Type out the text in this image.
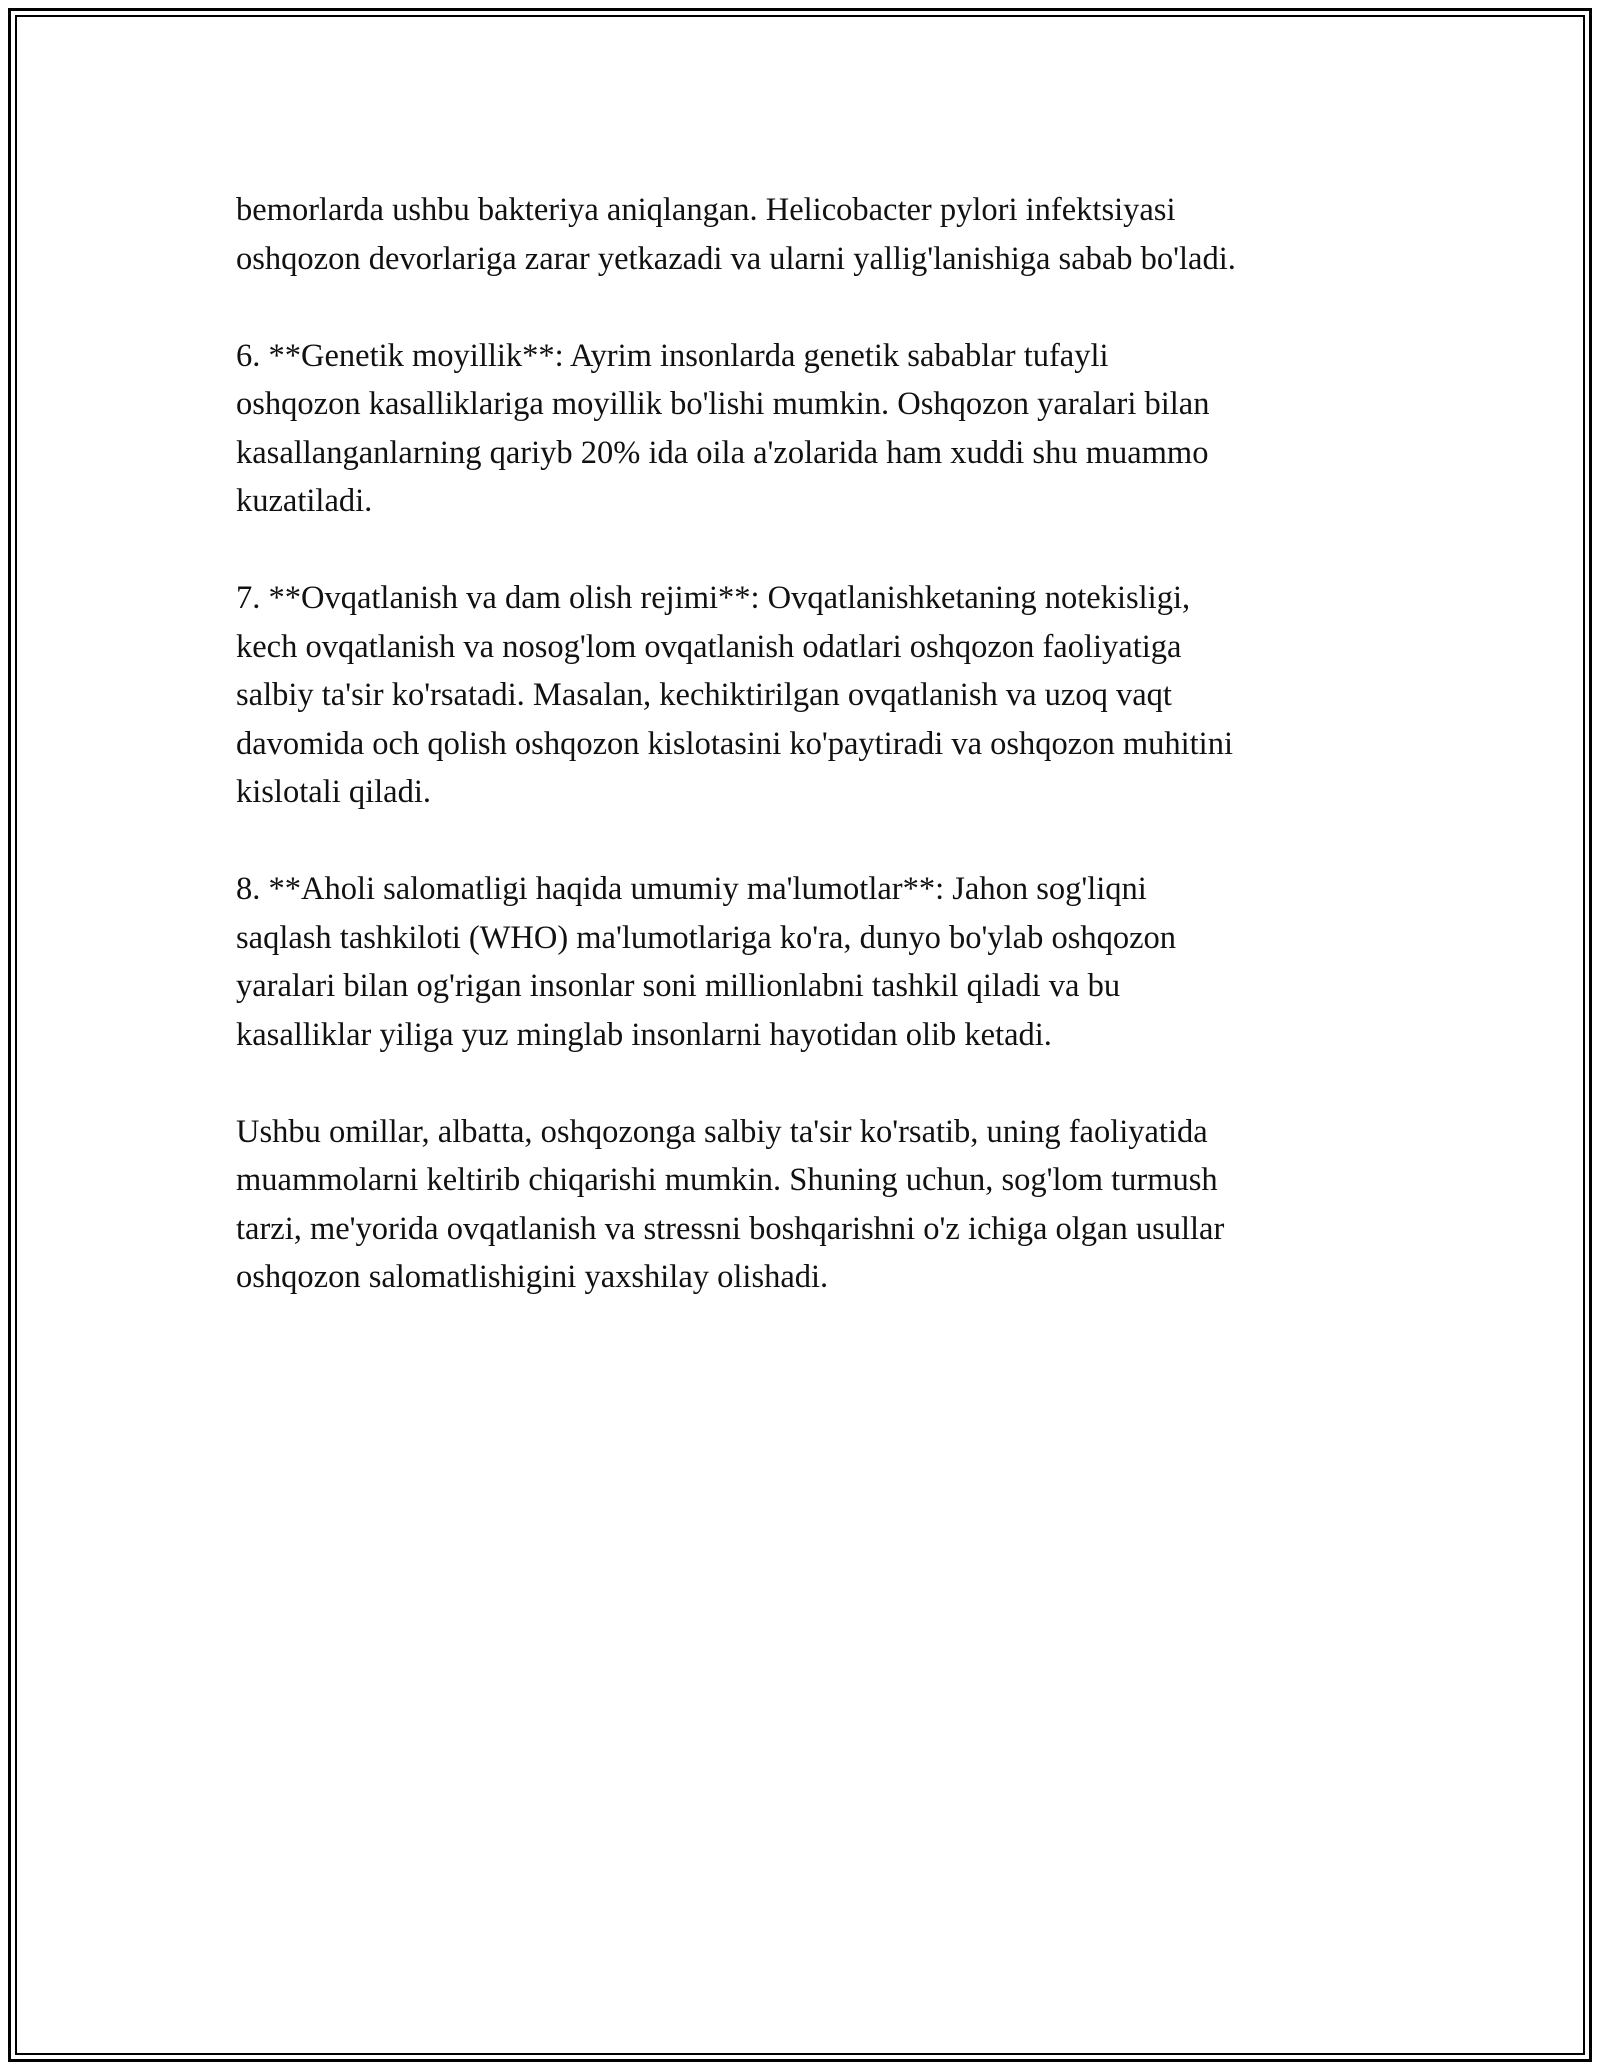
bemorlarda ushbu bakteriya aniqlangan. Helicobacter pylori infektsiyasi
oshqozon devorlariga zarar yetkazadi va ularni yallig'lanishiga sabab bo'ladi.

6. **Genetik moyillik**: Ayrim insonlarda genetik sabablar tufayli
oshqozon kasalliklariga moyillik bo'lishi mumkin. Oshqozon yaralari bilan
kasallanganlarning qariyb 20% ida oila a'zolarida ham xuddi shu muammo
kuzatiladi.

7. **Ovqatlanish va dam olish rejimi**: Ovqatlanishketaning notekisligi,
kech ovqatlanish va nosog'lom ovqatlanish odatlari oshqozon faoliyatiga
salbiy ta'sir ko'rsatadi. Masalan, kechiktirilgan ovqatlanish va uzoq vaqt
davomida och qolish oshqozon kislotasini ko'paytiradi va oshqozon muhitini
kislotali qiladi.

8. **Aholi salomatligi haqida umumiy ma'lumotlar**: Jahon sog'liqni
saqlash tashkiloti (WHO) ma'lumotlariga ko'ra, dunyo bo'ylab oshqozon
yaralari bilan og'rigan insonlar soni millionlabni tashkil qiladi va bu
kasalliklar yiliga yuz minglab insonlarni hayotidan olib ketadi.

Ushbu omillar, albatta, oshqozonga salbiy ta'sir ko'rsatib, uning faoliyatida
muammolarni keltirib chiqarishi mumkin. Shuning uchun, sog'lom turmush
tarzi, me'yorida ovqatlanish va stressni boshqarishni o'z ichiga olgan usullar
oshqozon salomatlishigini yaxshilay olishadi.
